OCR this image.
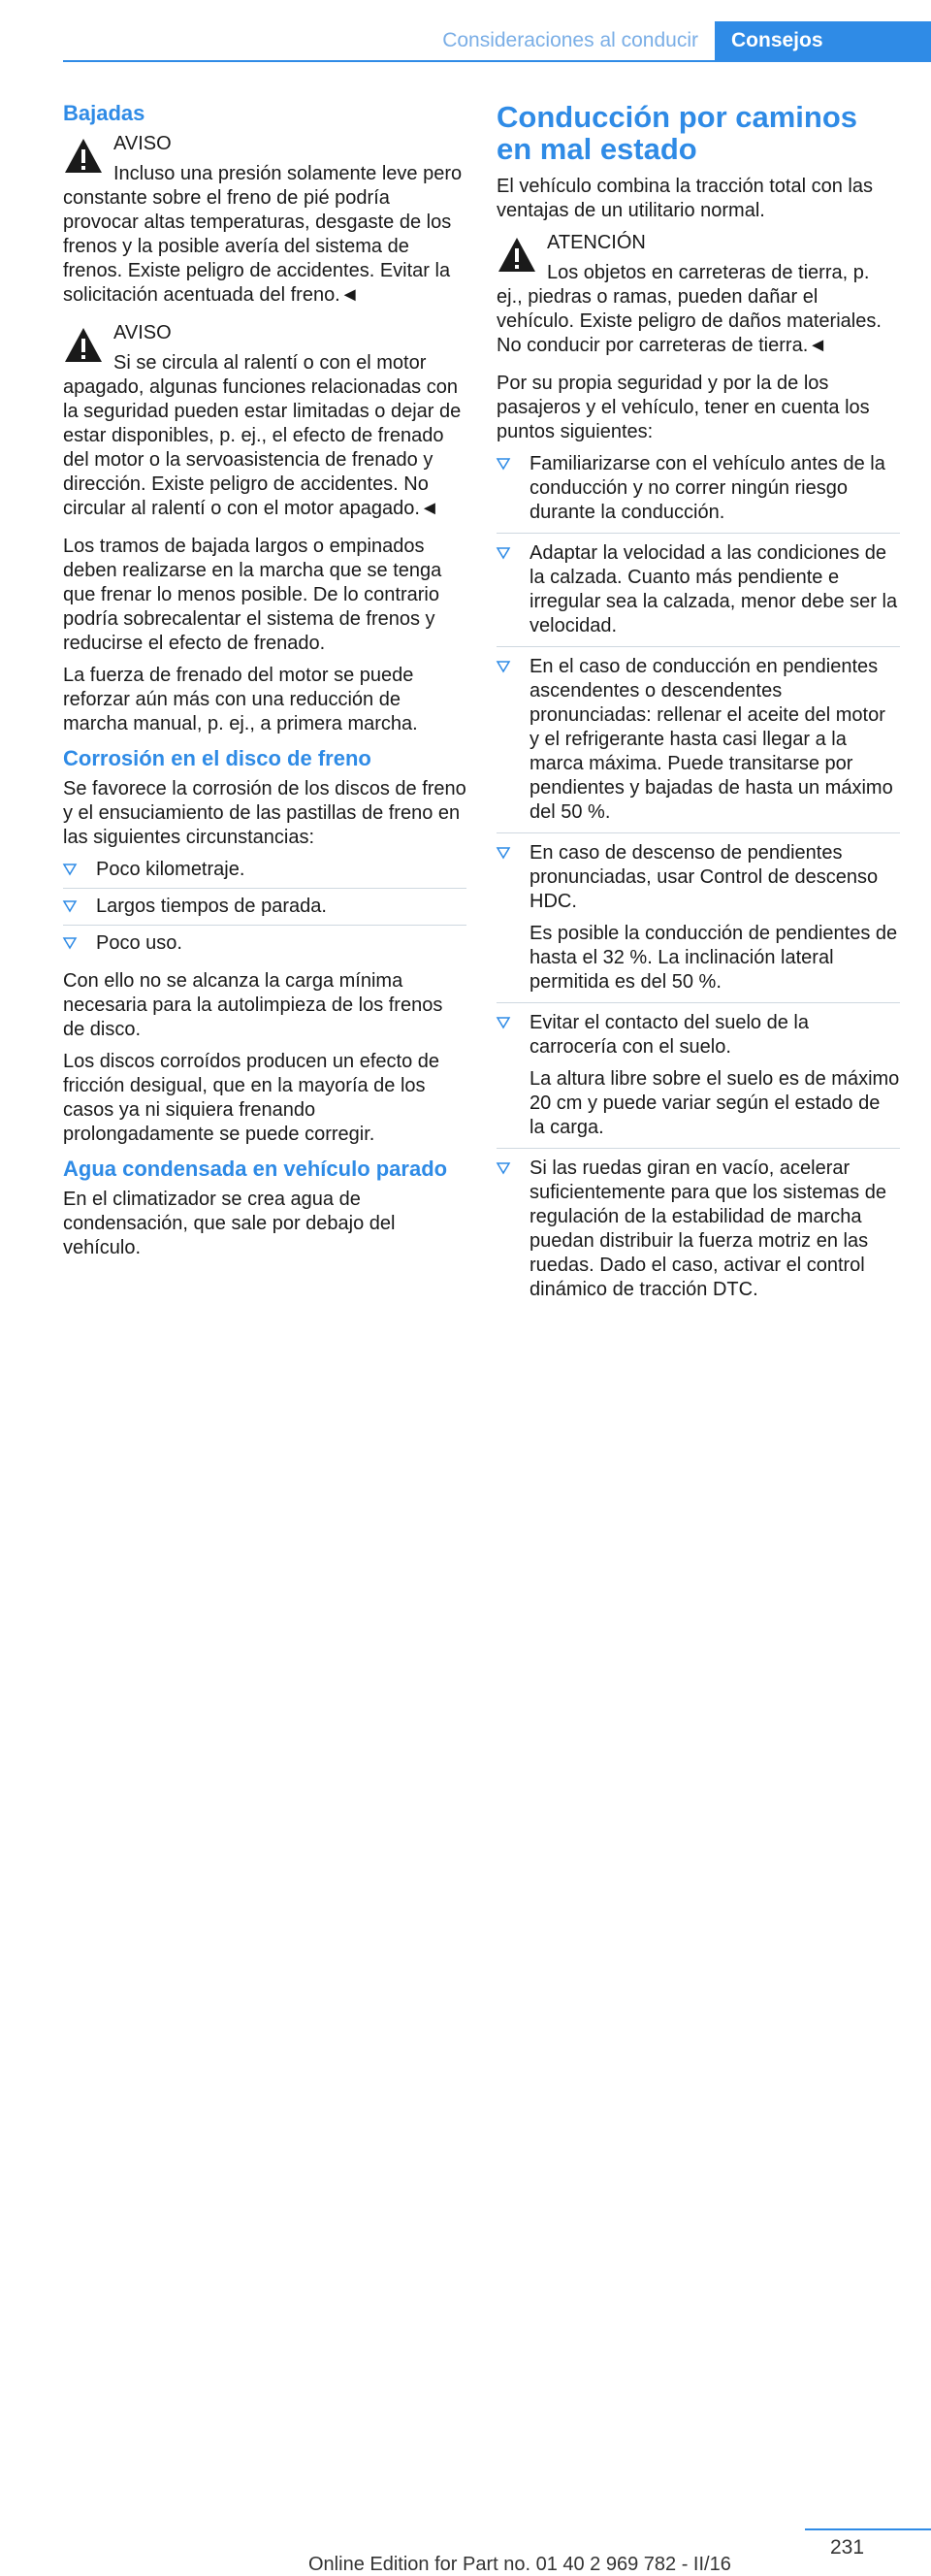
Consideraciones al conducir	Consejos
Bajadas
AVISO
Incluso una presión solamente leve pero constante sobre el freno de pié podría provocar altas temperaturas, desgaste de los frenos y la posible avería del sistema de frenos. Existe peligro de accidentes. Evitar la solicitación acentuada del freno.◄
AVISO
Si se circula al ralentí o con el motor apagado, algunas funciones relacionadas con la seguridad pueden estar limitadas o dejar de estar disponibles, p. ej., el efecto de frenado del motor o la servoasistencia de frenado y dirección. Existe peligro de accidentes. No circular al ralentí o con el motor apagado.◄

Los tramos de bajada largos o empinados deben realizarse en la marcha que se tenga que frenar lo menos posible. De lo contrario podría sobrecalentar el sistema de frenos y reducirse el efecto de frenado.

La fuerza de frenado del motor se puede reforzar aún más con una reducción de marcha manual, p. ej., a primera marcha.

Corrosión en el disco de freno

Se favorece la corrosión de los discos de freno y el ensuciamiento de las pastillas de freno en las siguientes circunstancias:

Poco kilometraje.
Largos tiempos de parada.
Poco uso.

Con ello no se alcanza la carga mínima necesaria para la autolimpieza de los frenos de disco.

Los discos corroídos producen un efecto de fricción desigual, que en la mayoría de los casos ya ni siquiera frenando prolongadamente se puede corregir.

Agua condensada en vehículo parado

En el climatizador se crea agua de condensación, que sale por debajo del vehículo.

Conducción por caminos en mal estado

El vehículo combina la tracción total con las ventajas de un utilitario normal.

ATENCIÓN
Los objetos en carreteras de tierra, p. ej., piedras o ramas, pueden dañar el vehículo. Existe peligro de daños materiales. No conducir por carreteras de tierra.◄

Por su propia seguridad y por la de los pasajeros y el vehículo, tener en cuenta los puntos siguientes:

Familiarizarse con el vehículo antes de la conducción y no correr ningún riesgo durante la conducción.
Adaptar la velocidad a las condiciones de la calzada. Cuanto más pendiente e irregular sea la calzada, menor debe ser la velocidad.
En el caso de conducción en pendientes ascendentes o descendentes pronunciadas: rellenar el aceite del motor y el refrigerante hasta casi llegar a la marca máxima. Puede transitarse por pendientes y bajadas de hasta un máximo del 50 %.
En caso de descenso de pendientes pronunciadas, usar Control de descenso HDC.
Es posible la conducción de pendientes de hasta el 32 %. La inclinación lateral permitida es del 50 %.
Evitar el contacto del suelo de la carrocería con el suelo.
La altura libre sobre el suelo es de máximo 20 cm y puede variar según el estado de la carga.
Si las ruedas giran en vacío, acelerar suficientemente para que los sistemas de regulación de la estabilidad de marcha puedan distribuir la fuerza motriz en las ruedas. Dado el caso, activar el control dinámico de tracción DTC.
231
Online Edition for Part no. 01 40 2 969 782 - II/16
